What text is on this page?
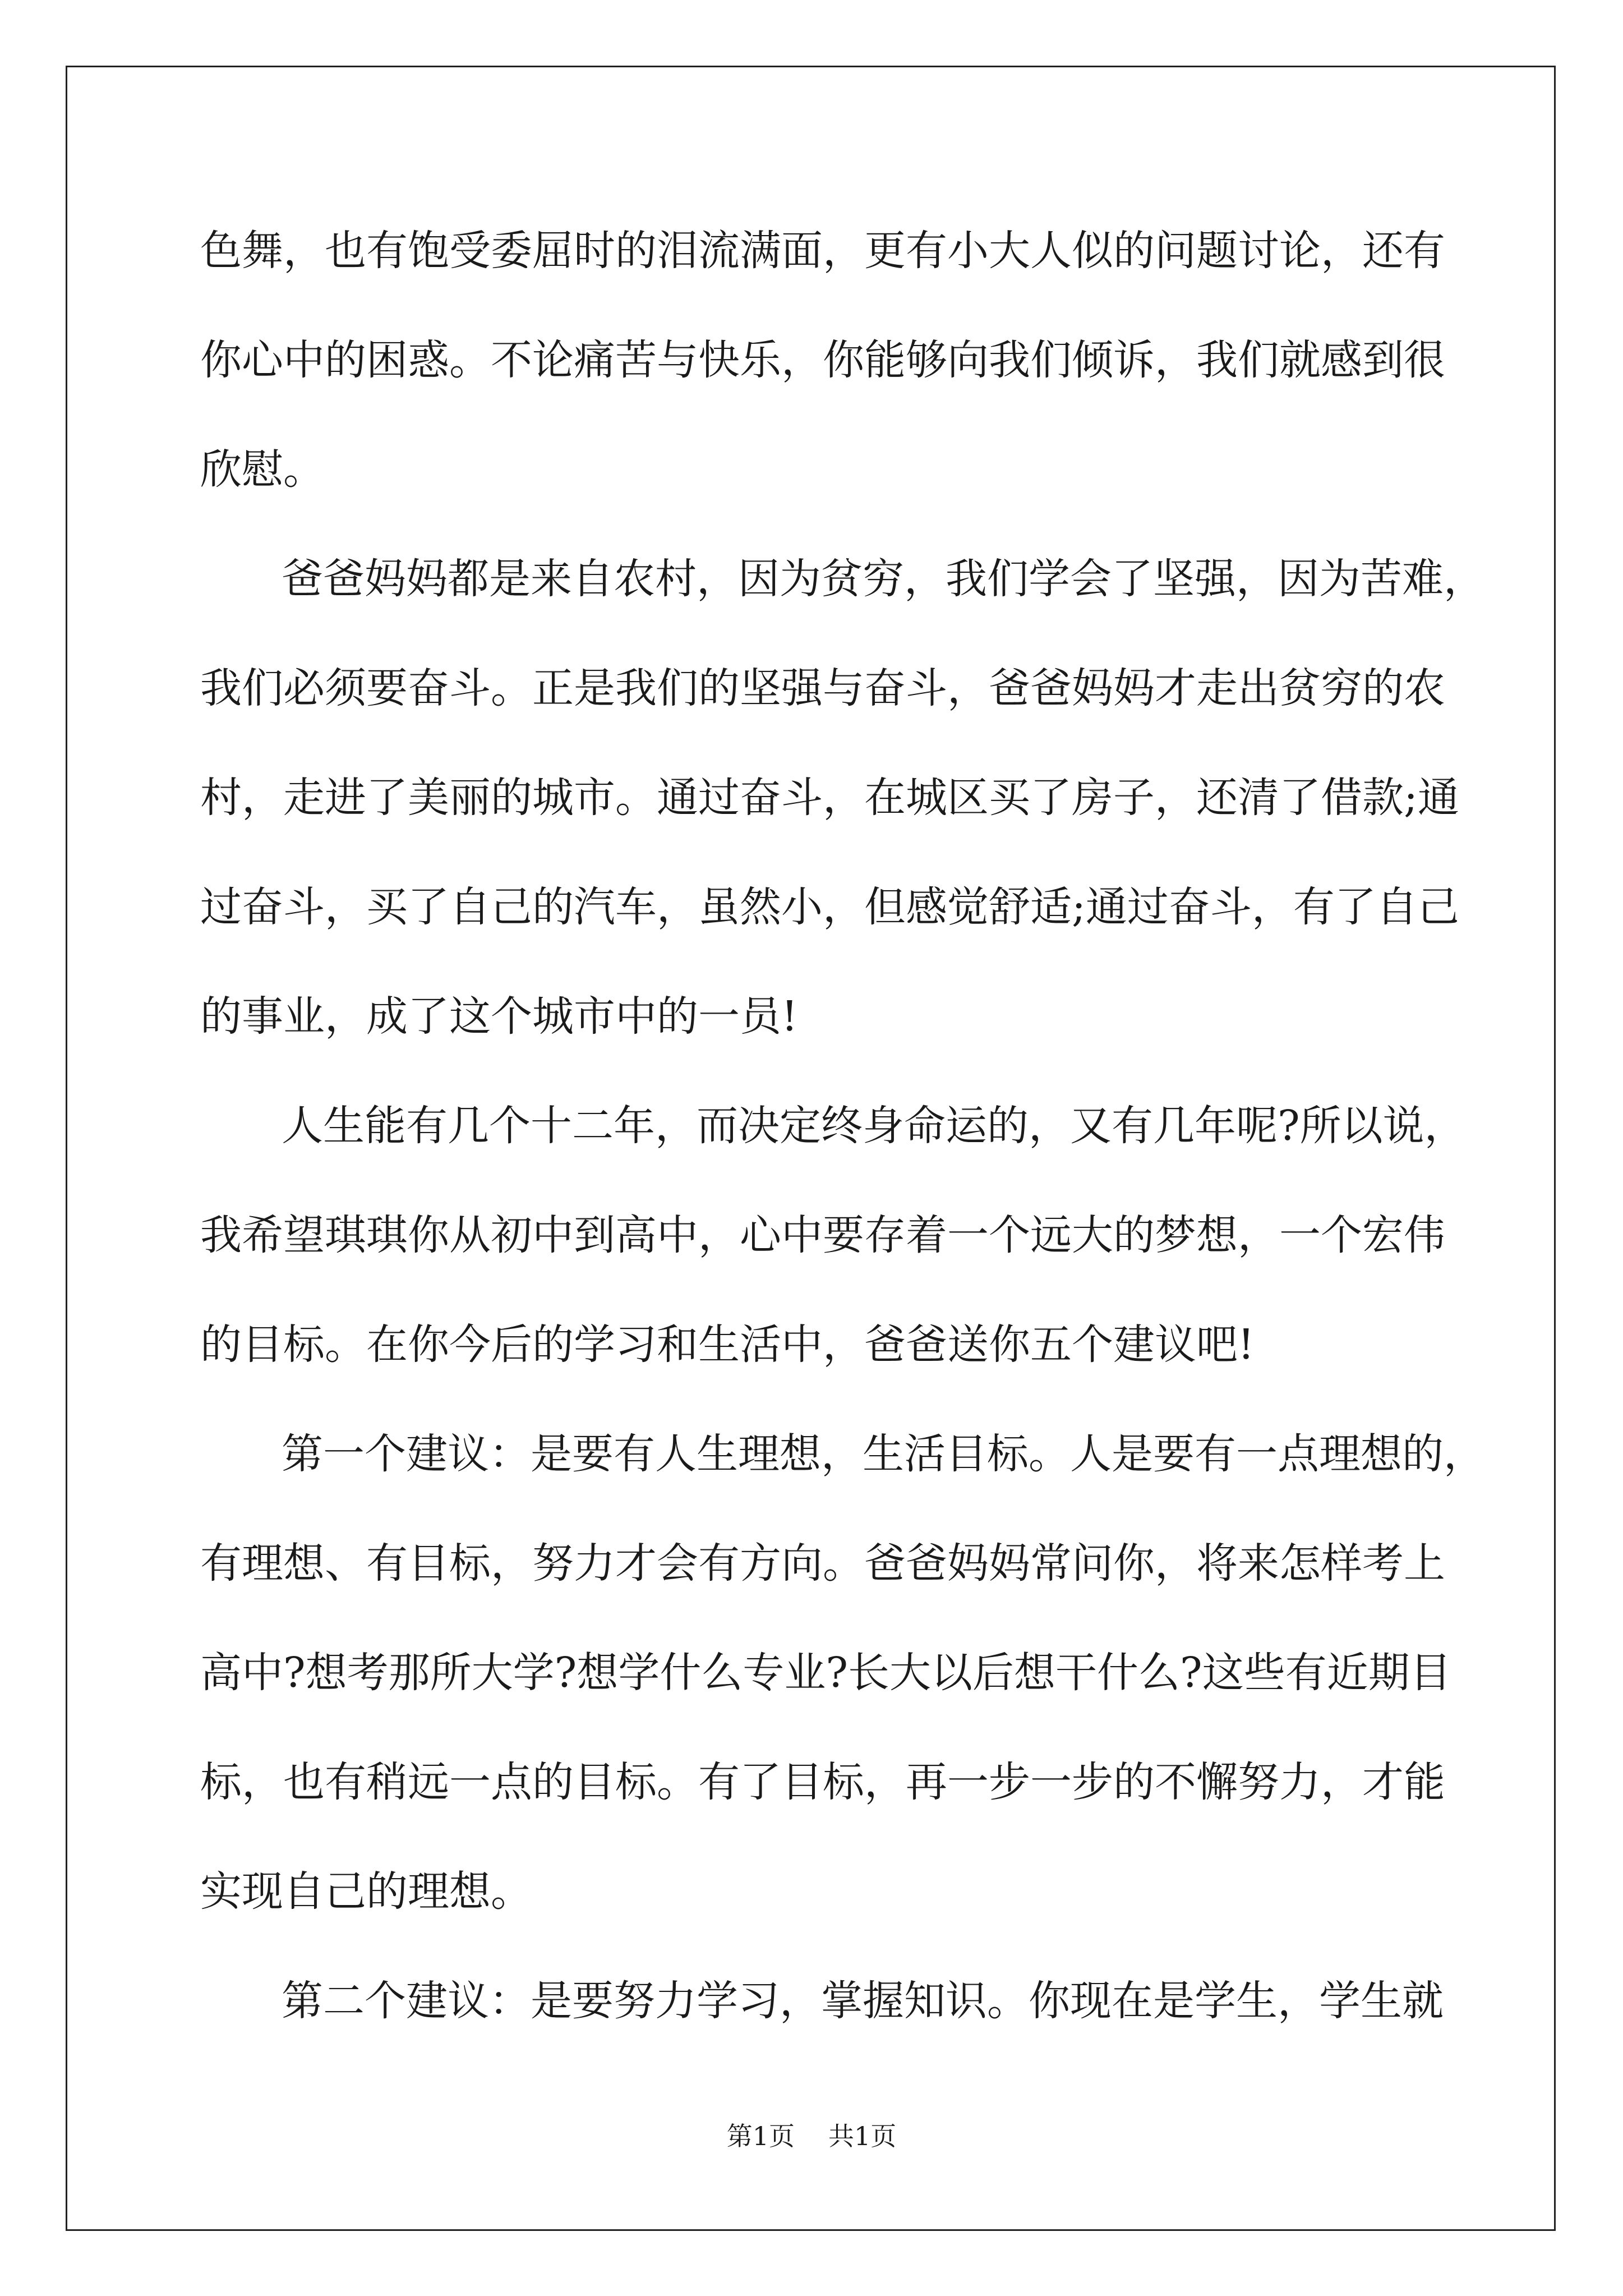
色舞，也有饱受委屈时的泪流满面，更有小大人似的问题讨论，还有
你心中的困惑。不论痛苦与快乐，你能够向我们倾诉，我们就感到很
欣慰。
爸爸妈妈都是来自农村，因为贫穷，我们学会了坚强，因为苦难，
我们必须要奋斗。正是我们的坚强与奋斗，爸爸妈妈才走出贫穷的农
村，走进了美丽的城市。通过奋斗，在城区买了房子，还清了借款;通
过奋斗，买了自己的汽车，虽然小，但感觉舒适;通过奋斗，有了自己
的事业，成了这个城市中的一员!
人生能有几个十二年，而决定终身命运的，又有几年呢?所以说，
我希望琪琪你从初中到高中，心中要存着一个远大的梦想，一个宏伟
的目标。在你今后的学习和生活中，爸爸送你五个建议吧!
第一个建议：是要有人生理想，生活目标。人是要有一点理想的，
有理想、有目标，努力才会有方向。爸爸妈妈常问你，将来怎样考上
高中?想考那所大学?想学什么专业?长大以后想干什么?这些有近期目
标，也有稍远一点的目标。有了目标，再一步一步的不懈努力，才能
实现自己的理想。
第二个建议：是要努力学习，掌握知识。你现在是学生，学生就
第1页 共1页
